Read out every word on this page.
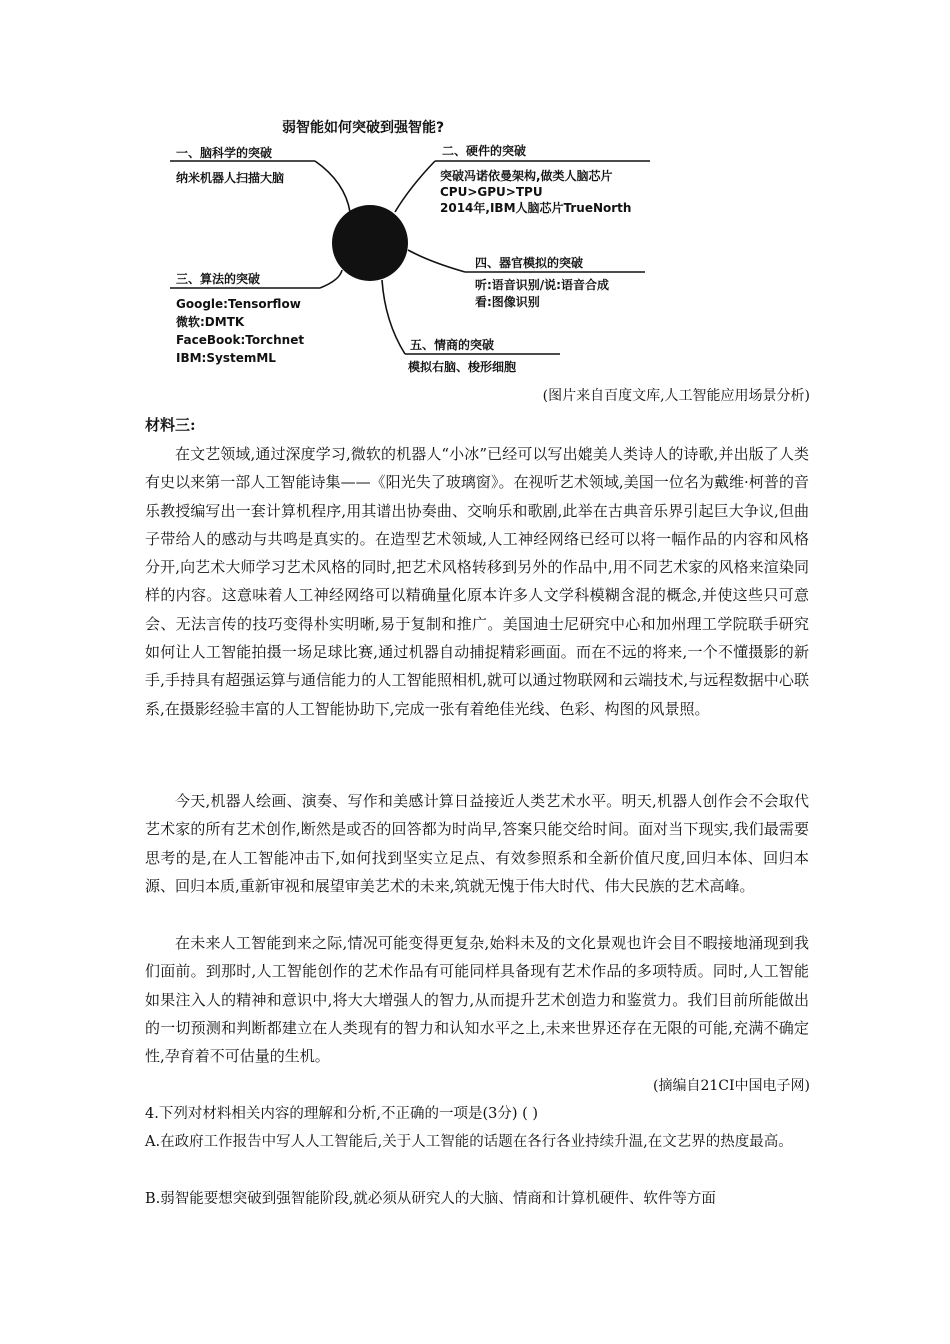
弱智能如何突破到强智能?
一、脑科学的突破
纳米机器人扫描大脑
二、硬件的突破
突破冯诺依曼架构,做类人脑芯片
CPU>GPU>TPU
2014年,IBM人脑芯片TrueNorth
三、算法的突破
Google:Tensorflow
微软:DMTK
FaceBook:Torchnet
IBM:SystemML
四、器官模拟的突破
听:语音识别/说:语音合成
看:图像识别
五、情商的突破
模拟右脑、梭形细胞
(图片来自百度文库,人工智能应用场景分析)
材料三:

在文艺领域,通过深度学习,微软的机器人“小冰”已经可以写出媲美人类诗人的诗歌,并出版了人类有史以来第一部人工智能诗集——《阳光失了玻璃窗》。在视听艺术领域,美国一位名为戴维·柯普的音乐教授编写出一套计算机程序,用其谱出协奏曲、交响乐和歌剧,此举在古典音乐界引起巨大争议,但曲子带给人的感动与共鸣是真实的。在造型艺术领域,人工神经网络已经可以将一幅作品的内容和风格分开,向艺术大师学习艺术风格的同时,把艺术风格转移到另外的作品中,用不同艺术家的风格来渲染同样的内容。这意味着人工神经网络可以精确量化原本许多人文学科模糊含混的概念,并使这些只可意会、无法言传的技巧变得朴实明晰,易于复制和推广。美国迪士尼研究中心和加州理工学院联手研究如何让人工智能拍摄一场足球比赛,通过机器自动捕捉精彩画面。而在不远的将来,一个不懂摄影的新手,手持具有超强运算与通信能力的人工智能照相机,就可以通过物联网和云端技术,与远程数据中心联系,在摄影经验丰富的人工智能协助下,完成一张有着绝佳光线、色彩、构图的风景照。

今天,机器人绘画、演奏、写作和美感计算日益接近人类艺术水平。明天,机器人创作会不会取代艺术家的所有艺术创作,断然是或否的回答都为时尚早,答案只能交给时间。面对当下现实,我们最需要思考的是,在人工智能冲击下,如何找到坚实立足点、有效参照系和全新价值尺度,回归本体、回归本源、回归本质,重新审视和展望审美艺术的未来,筑就无愧于伟大时代、伟大民族的艺术高峰。

在未来人工智能到来之际,情况可能变得更复杂,始料未及的文化景观也许会目不暇接地涌现到我们面前。到那时,人工智能创作的艺术作品有可能同样具备现有艺术作品的多项特质。同时,人工智能如果注入人的精神和意识中,将大大增强人的智力,从而提升艺术创造力和鉴赏力。我们目前所能做出的一切预测和判断都建立在人类现有的智力和认知水平之上,未来世界还存在无限的可能,充满不确定性,孕育着不可估量的生机。

(摘编自21CI中国电子网)

4.下列对材料相关内容的理解和分析,不正确的一项是(3分) ( )

A.在政府工作报告中写人人工智能后,关于人工智能的话题在各行各业持续升温,在文艺界的热度最高。

B.弱智能要想突破到强智能阶段,就必须从研究人的大脑、情商和计算机硬件、软件等方面
